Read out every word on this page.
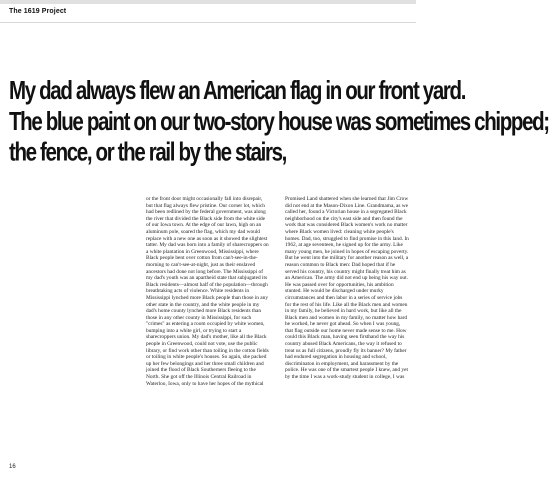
The 1619 Project
My dad always flew an American flag in our front yard.
The blue paint on our two-story house was sometimes chipped;
the fence, or the rail by the stairs,

or the front door might occasionally fall into disrepair, but that flag always flew pristine. Our corner lot, which had been redlined by the federal government, was along the river that divided the Black side from the white side of our Iowa town. At the edge of our lawn, high on an aluminum pole, soared the flag, which my dad would replace with a new one as soon as it showed the slightest tatter. My dad was born into a family of sharecroppers on a white plantation in Greenwood, Mississippi, where Black people bent over cotton from can't-see-in-the-morning to can't-see-at-night, just as their enslaved ancestors had done not long before. The Mississippi of my dad's youth was an apartheid state that subjugated its Black residents—almost half of the population—through breathtaking acts of violence. White residents in Mississippi lynched more Black people than those in any other state in the country, and the white people in my dad's home county lynched more Black residents than those in any other county in Mississippi, for such "crimes" as entering a room occupied by white women, bumping into a white girl, or trying to start a sharecroppers union. My dad's mother, like all the Black people in Greenwood, could not vote, use the public library, or find work other than toiling in the cotton fields or toiling in white people's houses. So again, she packed up her few belongings and her three small children and joined the flood of Black Southerners fleeing to the North. She got off the Illinois Central Railroad in Waterloo, Iowa, only to have her hopes of the mythical

Promised Land shattered when she learned that Jim Crow did not end at the Mason-Dixon Line. Grandmama, as we called her, found a Victorian house in a segregated Black neighborhood on the city's east side and then found the work that was considered Black women's work no matter where Black women lived: cleaning white people's homes. Dad, too, struggled to find promise in this land. In 1962, at age seventeen, he signed up for the army. Like many young men, he joined in hopes of escaping poverty. But he went into the military for another reason as well, a reason common to Black men: Dad hoped that if he served his country, his country might finally treat him as an American. The army did not end up being his way out. He was passed over for opportunities, his ambition stunted. He would be discharged under murky circumstances and then labor in a series of service jobs for the rest of his life. Like all the Black men and women in my family, he believed in hard work, but like all the Black men and women in my family, no matter how hard he worked, he never got ahead. So when I was young, that flag outside our home never made sense to me. How could this Black man, having seen firsthand the way his country abused Black Americans, the way it refused to treat us as full citizens, proudly fly its banner? My father had endured segregation in housing and school, discriminaton in employment, and harassment by the police. He was one of the smartest people I knew, and yet by the time I was a work-study student in college, I was

16
